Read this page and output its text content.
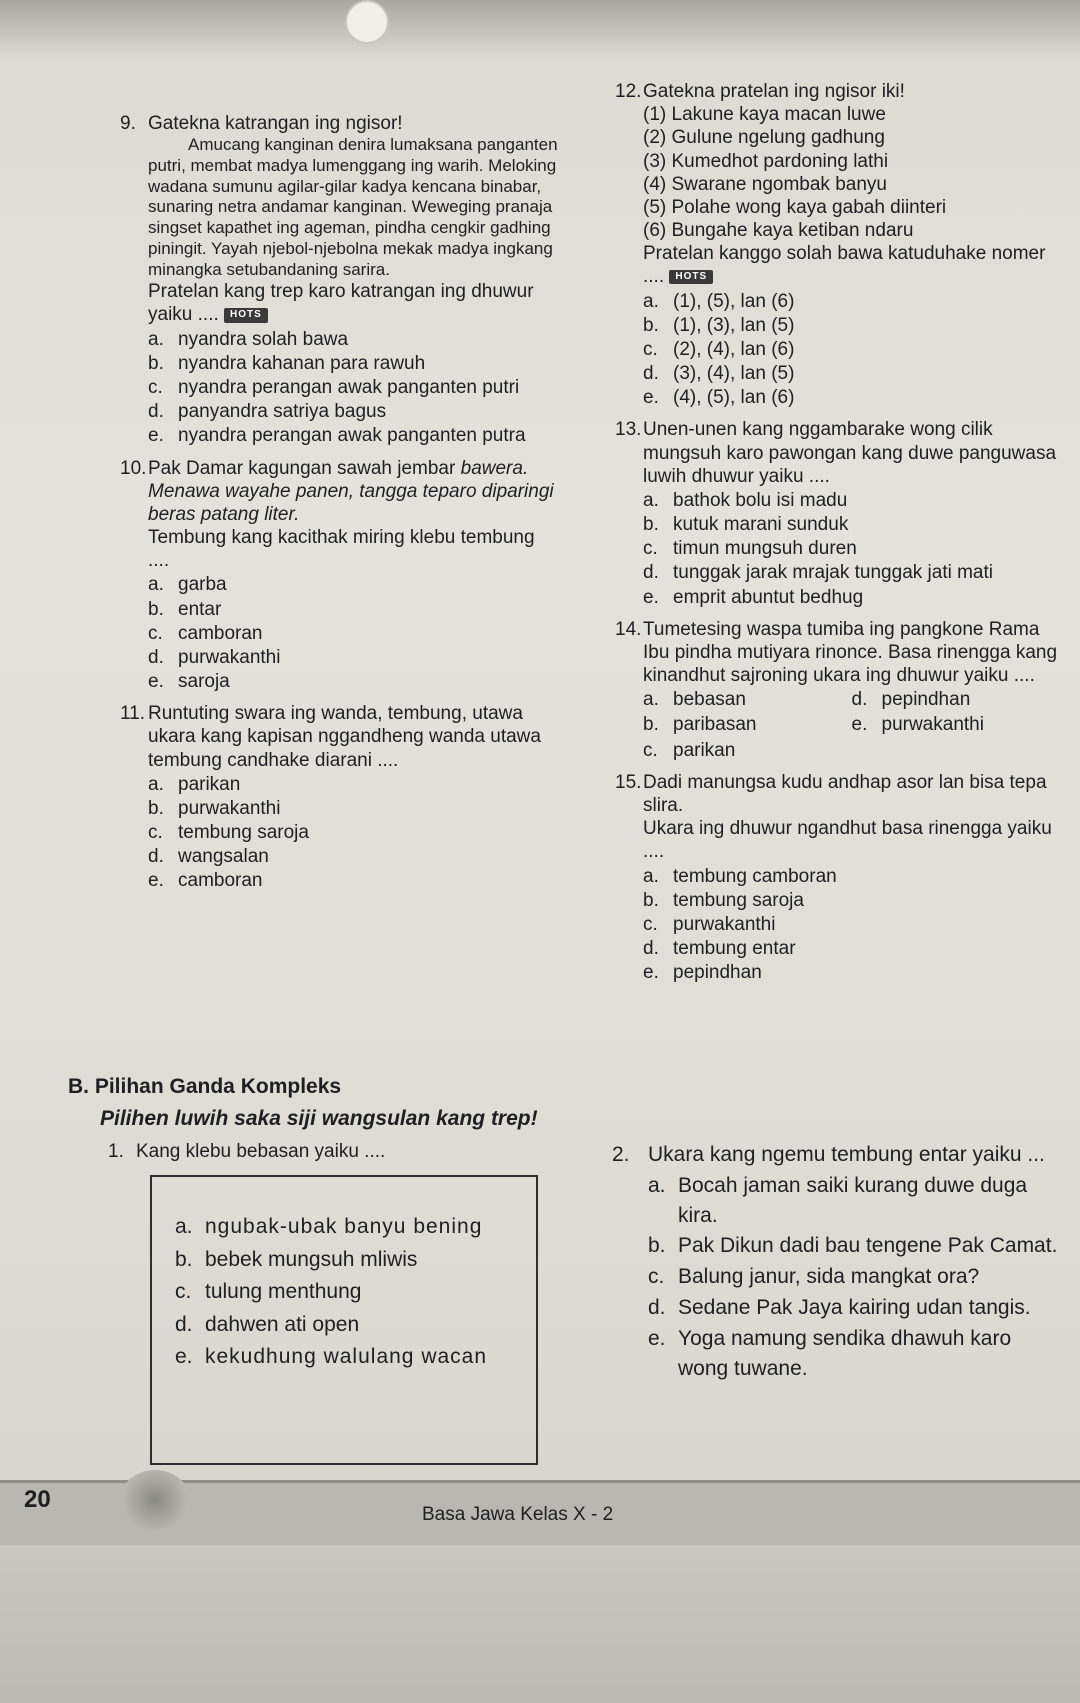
9. Gatekna katrangan ing ngisor!
Amucang kanginan denira lumaksana panganten putri, membat madya lumenggang ing warih. Meloking wadana sumunu agilar-gilar kadya kencana binabar, sunaring netra andamar kanginan. Weweging pranaja singset kapathet ing ageman, pindha cengkir gadhing piningit. Yayah njebol-njebolna mekak madya ingkang minangka setubandaning sarira.
Pratelan kang trep karo katrangan ing dhuwur yaiku .... HOTS
a. nyandra solah bawa
b. nyandra kahanan para rawuh
c. nyandra perangan awak panganten putri
d. panyandra satriya bagus
e. nyandra perangan awak panganten putra
10. Pak Damar kagungan sawah jembar bawera. Menawa wayahe panen, tangga teparo diparingi beras patang liter.
Tembung kang kacithak miring klebu tembung ....
a. garba
b. entar
c. camboran
d. purwakanthi
e. saroja
11. Runtuting swara ing wanda, tembung, utawa ukara kang kapisan nggandheng wanda utawa tembung candhake diarani ....
a. parikan
b. purwakanthi
c. tembung saroja
d. wangsalan
e. camboran
12. Gatekna pratelan ing ngisor iki!
(1) Lakune kaya macan luwe
(2) Gulune ngelung gadhung
(3) Kumedhot pardoning lathi
(4) Swarane ngombak banyu
(5) Polahe wong kaya gabah diinteri
(6) Bungahe kaya ketiban ndaru
Pratelan kanggo solah bawa katuduhake nomer .... HOTS
a. (1), (5), lan (6)
b. (1), (3), lan (5)
c. (2), (4), lan (6)
d. (3), (4), lan (5)
e. (4), (5), lan (6)
13. Unen-unen kang nggambarake wong cilik mungsuh karo pawongan kang duwe panguwasa luwih dhuwur yaiku ....
a. bathok bolu isi madu
b. kutuk marani sunduk
c. timun mungsuh duren
d. tunggak jarak mrajak tunggak jati mati
e. emprit abuntut bedhug
14. Tumetesing waspa tumiba ing pangkone Rama Ibu pindha mutiyara rinonce. Basa rinengga kang kinandhut sajroning ukara ing dhuwur yaiku ....
a. bebasan	d. pepindhan
b. paribasan	e. purwakanthi
c. parikan
15. Dadi manungsa kudu andhap asor lan bisa tepa slira.
Ukara ing dhuwur ngandhut basa rinengga yaiku ....
a. tembung camboran
b. tembung saroja
c. purwakanthi
d. tembung entar
e. pepindhan
B. Pilihan Ganda Kompleks
Pilihen luwih saka siji wangsulan kang trep!
1. Kang klebu bebasan yaiku ....
a. ngubak-ubak banyu bening
b. bebek mungsuh mliwis
c. tulung menthung
d. dahwen ati open
e. kekudhung walulang wacan
2. Ukara kang ngemu tembung entar yaiku ...
a. Bocah jaman saiki kurang duwe duga kira.
b. Pak Dikun dadi bau tengene Pak Camat.
c. Balung janur, sida mangkat ora?
d. Sedane Pak Jaya kairing udan tangis.
e. Yoga namung sendika dhawuh karo wong tuwane.
20
Basa Jawa Kelas X - 2
